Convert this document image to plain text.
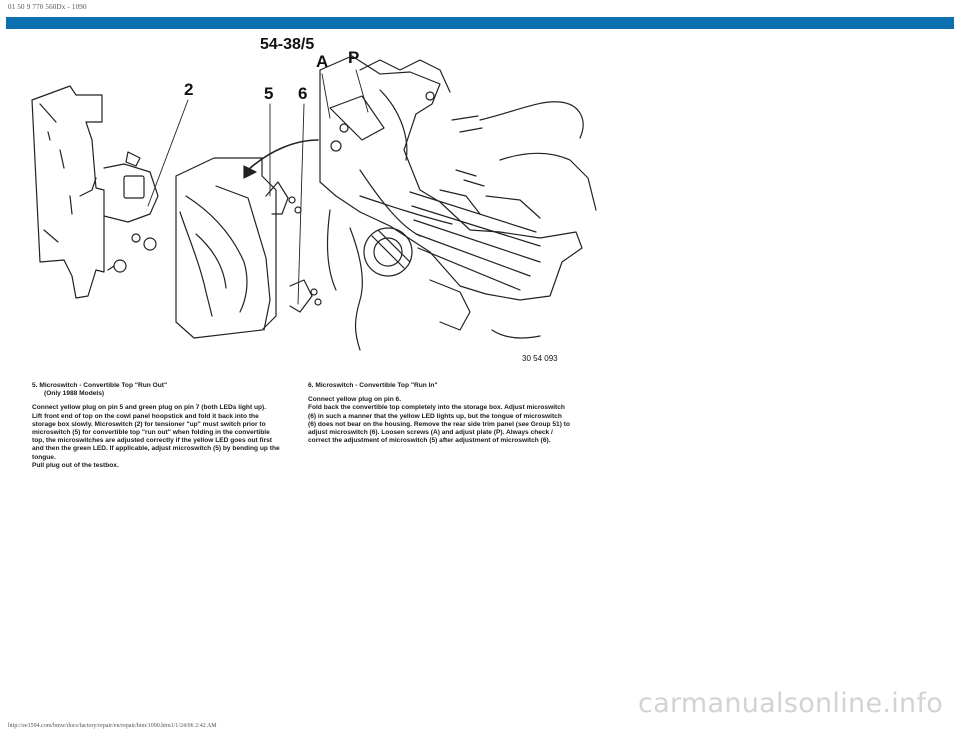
01 50 9 770 560Dx - 1090
54-38/5
A P
2	5 6
30 54 093
5. Microswitch - Convertible Top "Run Out"
(Only 1988 Models)

Connect yellow plug on pin 5 and green plug on pin 7 (both LEDs light up).

Lift front end of top on the cowl panel hoopstick and fold it back into the storage box slowly. Microswitch (2) for tensioner "up" must switch prior to microswitch (5) for convertible top "run out" when folding in the convertible top, the microswitches are adjusted correctly if the yellow LED goes out first and then the green LED. If applicable, adjust microswitch (5) by bending up the tongue.
Pull plug out of the testbox.
6. Microswitch - Convertible Top "Run In"

Connect yellow plug on pin 6.

Fold back the convertible top completely into the storage box. Adjust microswitch (6) in such a manner that the yellow LED lights up, but the tongue of microswitch (6) does not bear on the housing. Remove the rear side trim panel (see Group 51) to adjust microswitch (6). Loosen screws (A) and adjust plate (P). Always check / correct the adjustment of microswitch (5) after adjustment of microswitch (6).
http://ee1594.com/bmw/docs/factory/repair/en/repair/htm/1090.htm1/1/24/06 2:42 AM
carmanualsonline.info
